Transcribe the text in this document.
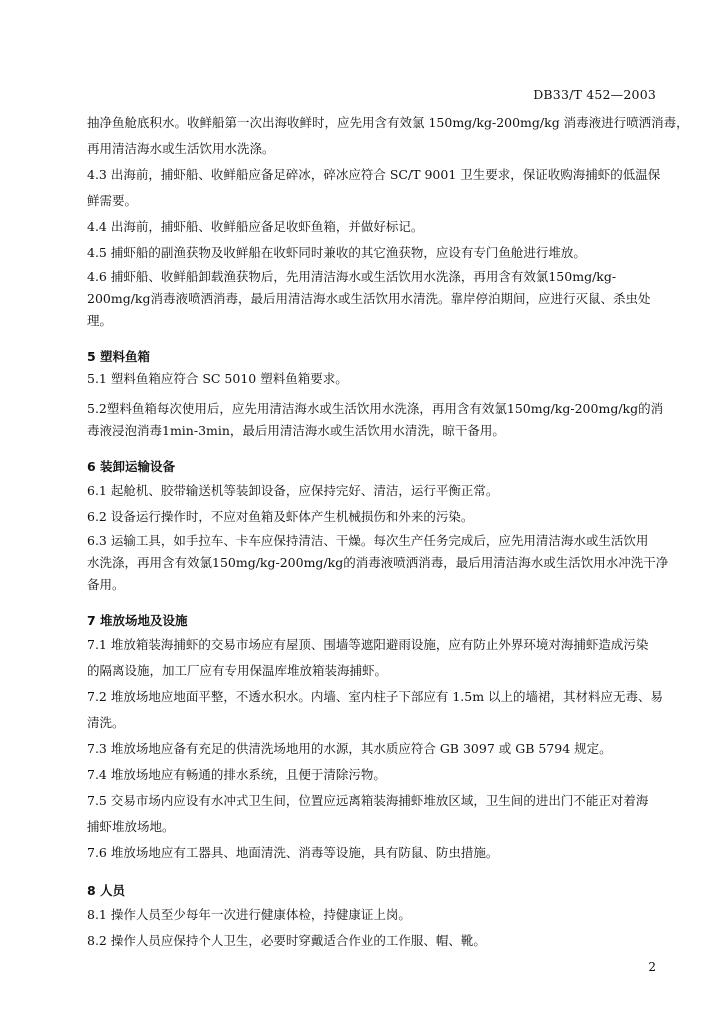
DB33/T 452—2003
抽净鱼舱底积水。收鲜船第一次出海收鲜时，应先用含有效氯 150mg/kg-200mg/kg 消毒液进行喷洒消毒，
再用清洁海水或生活饮用水洗涤。
4.3 出海前，捕虾船、收鲜船应备足碎冰，碎冰应符合 SC/T 9001 卫生要求，保证收购海捕虾的低温保
鲜需要。
4.4 出海前，捕虾船、收鲜船应备足收虾鱼箱，并做好标记。
4.5 捕虾船的副渔获物及收鲜船在收虾同时兼收的其它渔获物，应设有专门鱼舱进行堆放。
4.6 捕虾船、收鲜船卸载渔获物后，先用清洁海水或生活饮用水洗涤，再用含有效氯150mg/kg-
200mg/kg消毒液喷洒消毒，最后用清洁海水或生活饮用水清洗。靠岸停泊期间，应进行灭鼠、杀虫处
理。
5 塑料鱼箱
5.1 塑料鱼箱应符合 SC 5010 塑料鱼箱要求。
5.2塑料鱼箱每次使用后，应先用清洁海水或生活饮用水洗涤，再用含有效氯150mg/kg-200mg/kg的消
毒液浸泡消毒1min-3min，最后用清洁海水或生活饮用水清洗，晾干备用。
6 装卸运输设备
6.1 起舱机、胶带输送机等装卸设备，应保持完好、清洁，运行平衡正常。
6.2 设备运行操作时，不应对鱼箱及虾体产生机械损伤和外来的污染。
6.3 运输工具，如手拉车、卡车应保持清洁、干燥。每次生产任务完成后，应先用清洁海水或生活饮用
水洗涤，再用含有效氯150mg/kg-200mg/kg的消毒液喷洒消毒，最后用清洁海水或生活饮用水冲洗干净
备用。
7 堆放场地及设施
7.1 堆放箱装海捕虾的交易市场应有屋顶、围墙等遮阳避雨设施，应有防止外界环境对海捕虾造成污染
的隔离设施，加工厂应有专用保温库堆放箱装海捕虾。
7.2 堆放场地应地面平整，不透水积水。内墙、室内柱子下部应有 1.5m 以上的墙裙，其材料应无毒、易
清洗。
7.3 堆放场地应备有充足的供清洗场地用的水源，其水质应符合 GB 3097 或 GB 5794 规定。
7.4 堆放场地应有畅通的排水系统，且便于清除污物。
7.5 交易市场内应设有水冲式卫生间，位置应远离箱装海捕虾堆放区域，卫生间的进出门不能正对着海
捕虾堆放场地。
7.6 堆放场地应有工器具、地面清洗、消毒等设施，具有防鼠、防虫措施。
8 人员
8.1 操作人员至少每年一次进行健康体检，持健康证上岗。
8.2 操作人员应保持个人卫生，必要时穿戴适合作业的工作服、帽、靴。
2
